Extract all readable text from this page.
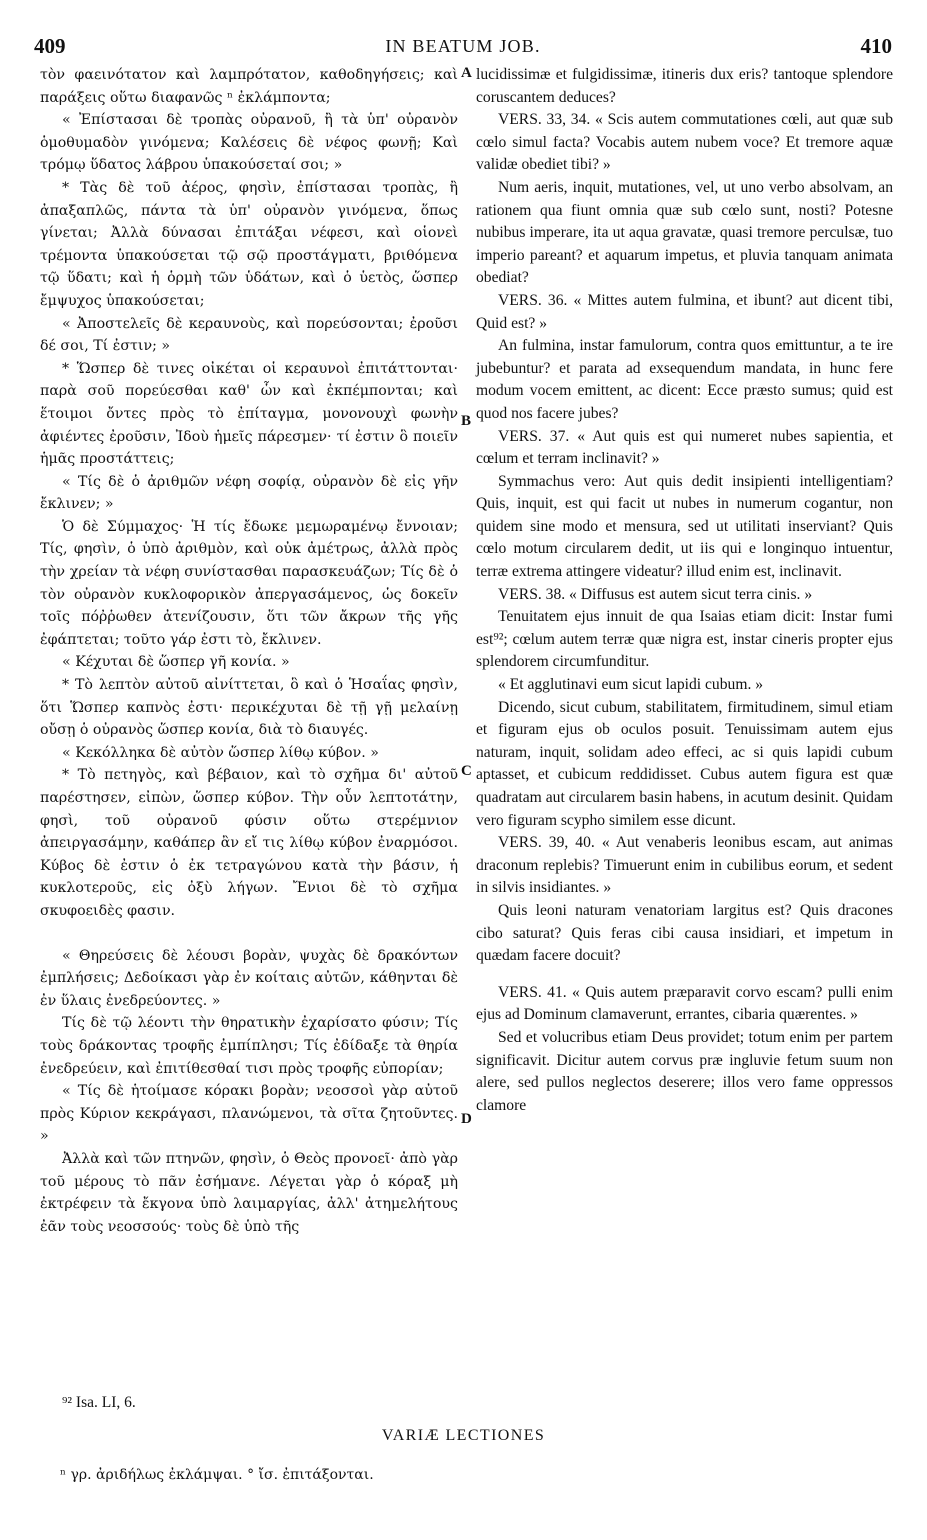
409	IN BEATUM JOB.	410

τὸν φαεινότατον καὶ λαμπρότατον, καθοδηγήσεις; καὶ παράξεις οὕτω διαφανῶς ⁿ ἐκλάμποντα;

« Ἐπίστασαι δὲ τροπὰς οὐρανοῦ, ἢ τὰ ὑπ' οὐρανὸν ὁμοθυμαδὸν γινόμενα; Καλέσεις δὲ νέφος φωνῇ; Καὶ τρόμῳ ὕδατος λάβρου ὑπακούσεταί σοι; »

* Τὰς δὲ τοῦ ἀέρος, φησὶν, ἐπίστασαι τροπὰς, ἢ ἀπαξαπλῶς, πάντα τὰ ὑπ' οὐρανὸν γινόμενα, ὅπως γίνεται; Ἀλλὰ δύνασαι ἐπιτάξαι νέφεσι, καὶ οἱονεὶ τρέμοντα ὑπακούσεται τῷ σῷ προστάγματι, βριθόμενα τῷ ὕδατι; καὶ ἡ ὁρμὴ τῶν ὑδάτων, καὶ ὁ ὑετὸς, ὥσπερ ἔμψυχος ὑπακούσεται;

« Ἀποστελεῖς δὲ κεραυνοὺς, καὶ πορεύσονται; ἐροῦσι δέ σοι, Τί ἐστιν; »

* Ὥσπερ δὲ τινες οἰκέται οἱ κεραυνοὶ ἐπιτάττονται· παρὰ σοῦ πορεύεσθαι καθ' ὧν καὶ ἐκπέμπονται; καὶ ἕτοιμοι ὄντες πρὸς τὸ ἐπίταγμα, μονονουχὶ φωνὴν ἀφιέντες ἐροῦσιν, Ἰδοὺ ἡμεῖς πάρεσμεν· τί ἐστιν ὃ ποιεῖν ἡμᾶς προστάττεις;

« Τίς δὲ ὁ ἀριθμῶν νέφη σοφίᾳ, οὐρανὸν δὲ εἰς γῆν ἔκλινεν; »

Ὁ δὲ Σύμμαχος· Ἡ τίς ἔδωκε μεμωραμένῳ ἔννοιαν; Τίς, φησὶν, ὁ ὑπὸ ἀριθμὸν, καὶ οὐκ ἀμέτρως, ἀλλὰ πρὸς τὴν χρείαν τὰ νέφη συνίστασθαι παρασκευάζων; Τίς δὲ ὁ τὸν οὐρανὸν κυκλοφορικὸν ἀπεργασάμενος, ὡς δοκεῖν τοῖς πόῤῥωθεν ἀτενίζουσιν, ὅτι τῶν ἄκρων τῆς γῆς ἐφάπτεται; τοῦτο γάρ ἐστι τὸ, ἔκλινεν.

« Κέχυται δὲ ὥσπερ γῆ κονία. »

* Τὸ λεπτὸν αὐτοῦ αἰνίττεται, ὃ καὶ ὁ Ἡσαΐας φησὶν, ὅτι Ὥσπερ καπνὸς ἐστι· περικέχυται δὲ τῇ γῇ μελαίνῃ οὔσῃ ὁ οὐρανὸς ὥσπερ κονία, διὰ τὸ διαυγές.

« Κεκόλληκα δὲ αὐτὸν ὥσπερ λίθῳ κύβον. »

* Τὸ πετηγὸς, καὶ βέβαιον, καὶ τὸ σχῆμα δι' αὐτοῦ παρέστησεν, εἰπὼν, ὥσπερ κύβον. Τὴν οὖν λεπτοτάτην, φησὶ, τοῦ οὐρανοῦ φύσιν οὕτω στερέμνιον ἀπειργασάμην, καθάπερ ἂν εἴ τις λίθῳ κύβον ἐναρμόσοι. Κύβος δὲ ἐστιν ὁ ἐκ τετραγώνου κατὰ τὴν βάσιν, ἡ κυκλοτεροῦς, εἰς ὀξὺ λήγων. Ἔνιοι δὲ τὸ σχῆμα σκυφοειδὲς φασιν.

« Θηρεύσεις δὲ λέουσι βορὰν, ψυχὰς δὲ δρακόντων ἐμπλήσεις; Δεδοίκασι γὰρ ἐν κοίταις αὐτῶν, κάθηνται δὲ ἐν ὕλαις ἐνεδρεύοντες. »

Τίς δὲ τῷ λέοντι τὴν θηρατικὴν ἐχαρίσατο φύσιν; Τίς τοὺς δράκοντας τροφῆς ἐμπίπλησι; Τίς ἐδίδαξε τὰ θηρία ἐνεδρεύειν, καὶ ἐπιτίθεσθαί τισι πρὸς τροφῆς εὐπορίαν;

« Τίς δὲ ἡτοίμασε κόρακι βορὰν; νεοσσοὶ γὰρ αὐτοῦ πρὸς Κύριον κεκράγασι, πλανώμενοι, τὰ σῖτα ζητοῦντες. »

Ἀλλὰ καὶ τῶν πτηνῶν, φησὶν, ὁ Θεὸς προνοεῖ· ἀπὸ γὰρ τοῦ μέρους τὸ πᾶν ἐσήμανε. Λέγεται γὰρ ὁ κόραξ μὴ ἐκτρέφειν τὰ ἔκγονα ὑπὸ λαιμαργίας, ἀλλ' ἀτημελήτους ἐᾶν τοὺς νεοσσούς· τοὺς δὲ ὑπὸ τῆς

A
B
C
D

lucidissimæ et fulgidissimæ, itineris dux eris? tantoque splendore coruscantem deduces?

VERS. 33, 34. « Scis autem commutationes cœli, aut quæ sub cœlo simul facta? Vocabis autem nubem voce? Et tremore aquæ validæ obediet tibi? »

Num aeris, inquit, mutationes, vel, ut uno verbo absolvam, an rationem qua fiunt omnia quæ sub cœlo sunt, nosti? Potesne nubibus imperare, ita ut aqua gravatæ, quasi tremore perculsæ, tuo imperio pareant? et aquarum impetus, et pluvia tanquam animata obediat?

VERS. 36. « Mittes autem fulmina, et ibunt? aut dicent tibi, Quid est? »

An fulmina, instar famulorum, contra quos emittuntur, a te ire jubebuntur? et parata ad exsequendum mandata, in hunc fere modum vocem emittent, ac dicent: Ecce præsto sumus; quid est quod nos facere jubes?

VERS. 37. « Aut quis est qui numeret nubes sapientia, et cœlum et terram inclinavit? »

Symmachus vero: Aut quis dedit insipienti intelligentiam? Quis, inquit, est qui facit ut nubes in numerum cogantur, non quidem sine modo et mensura, sed ut utilitati inserviant? Quis cœlo motum circularem dedit, ut iis qui e longinquo intuentur, terræ extrema attingere videatur? illud enim est, inclinavit.

VERS. 38. « Diffusus est autem sicut terra cinis. »

Tenuitatem ejus innuit de qua Isaias etiam dicit: Instar fumi est⁹²; cœlum autem terræ quæ nigra est, instar cineris propter ejus splendorem circumfunditur.

« Et agglutinavi eum sicut lapidi cubum. »

Dicendo, sicut cubum, stabilitatem, firmitudinem, simul etiam et figuram ejus ob oculos posuit. Tenuissimam autem ejus naturam, inquit, solidam adeo effeci, ac si quis lapidi cubum aptasset, et cubicum reddidisset. Cubus autem figura est quæ quadratam aut circularem basin habens, in acutum desinit. Quidam vero figuram scypho similem esse dicunt.

VERS. 39, 40. « Aut venaberis leonibus escam, aut animas draconum replebis? Timuerunt enim in cubilibus eorum, et sedent in silvis insidiantes. »

Quis leoni naturam venatoriam largitus est? Quis dracones cibo saturat? Quis feras cibi causa insidiari, et impetum in quædam facere docuit?

VERS. 41. « Quis autem præparavit corvo escam? pulli enim ejus ad Dominum clamaverunt, errantes, cibaria quærentes. »

Sed et volucribus etiam Deus providet; totum enim per partem significavit. Dicitur autem corvus præ ingluvie fetum suum non alere, sed pullos neglectos deserere; illos vero fame oppressos clamore

⁹² Isa. LI, 6.
VARIÆ LECTIONES
ⁿ γρ. ἀριδήλως ἐκλάμψαι. ° ἴσ. ἐπιτάξονται.
